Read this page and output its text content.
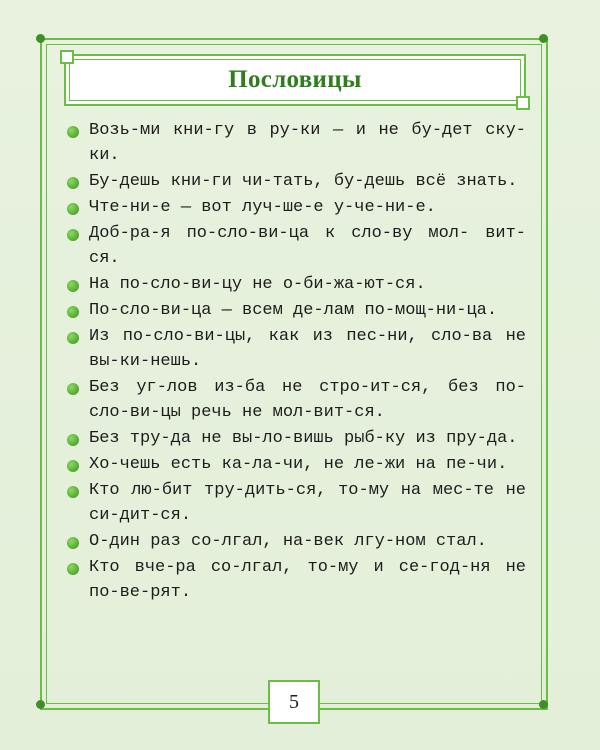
Пословицы
Возь-ми кни-гу в ру-ки — и не бу-дет ску-ки.
Бу-дешь кни-ги чи-тать, бу-дешь всё знать.
Чте-ни-е — вот луч-ше-е у-че-ни-е.
Доб-ра-я по-сло-ви-ца к сло-ву мол- вит-ся.
На по-сло-ви-цу не о-би-жа-ют-ся.
По-сло-ви-ца — всем де-лам по-мощ-ни-ца.
Из по-сло-ви-цы, как из пес-ни, сло-ва не вы-ки-нешь.
Без уг-лов из-ба не стро-ит-ся, без по-сло-ви-цы речь не мол-вит-ся.
Без тру-да не вы-ло-вишь рыб-ку из пру-да.
Хо-чешь есть ка-ла-чи, не ле-жи на пе-чи.
Кто лю-бит тру-дить-ся, то-му на мес-те не си-дит-ся.
О-дин раз со-лгал, на-век лгу-ном стал.
Кто вче-ра со-лгал, то-му и се-год-ня не по-ве-рят.
5
